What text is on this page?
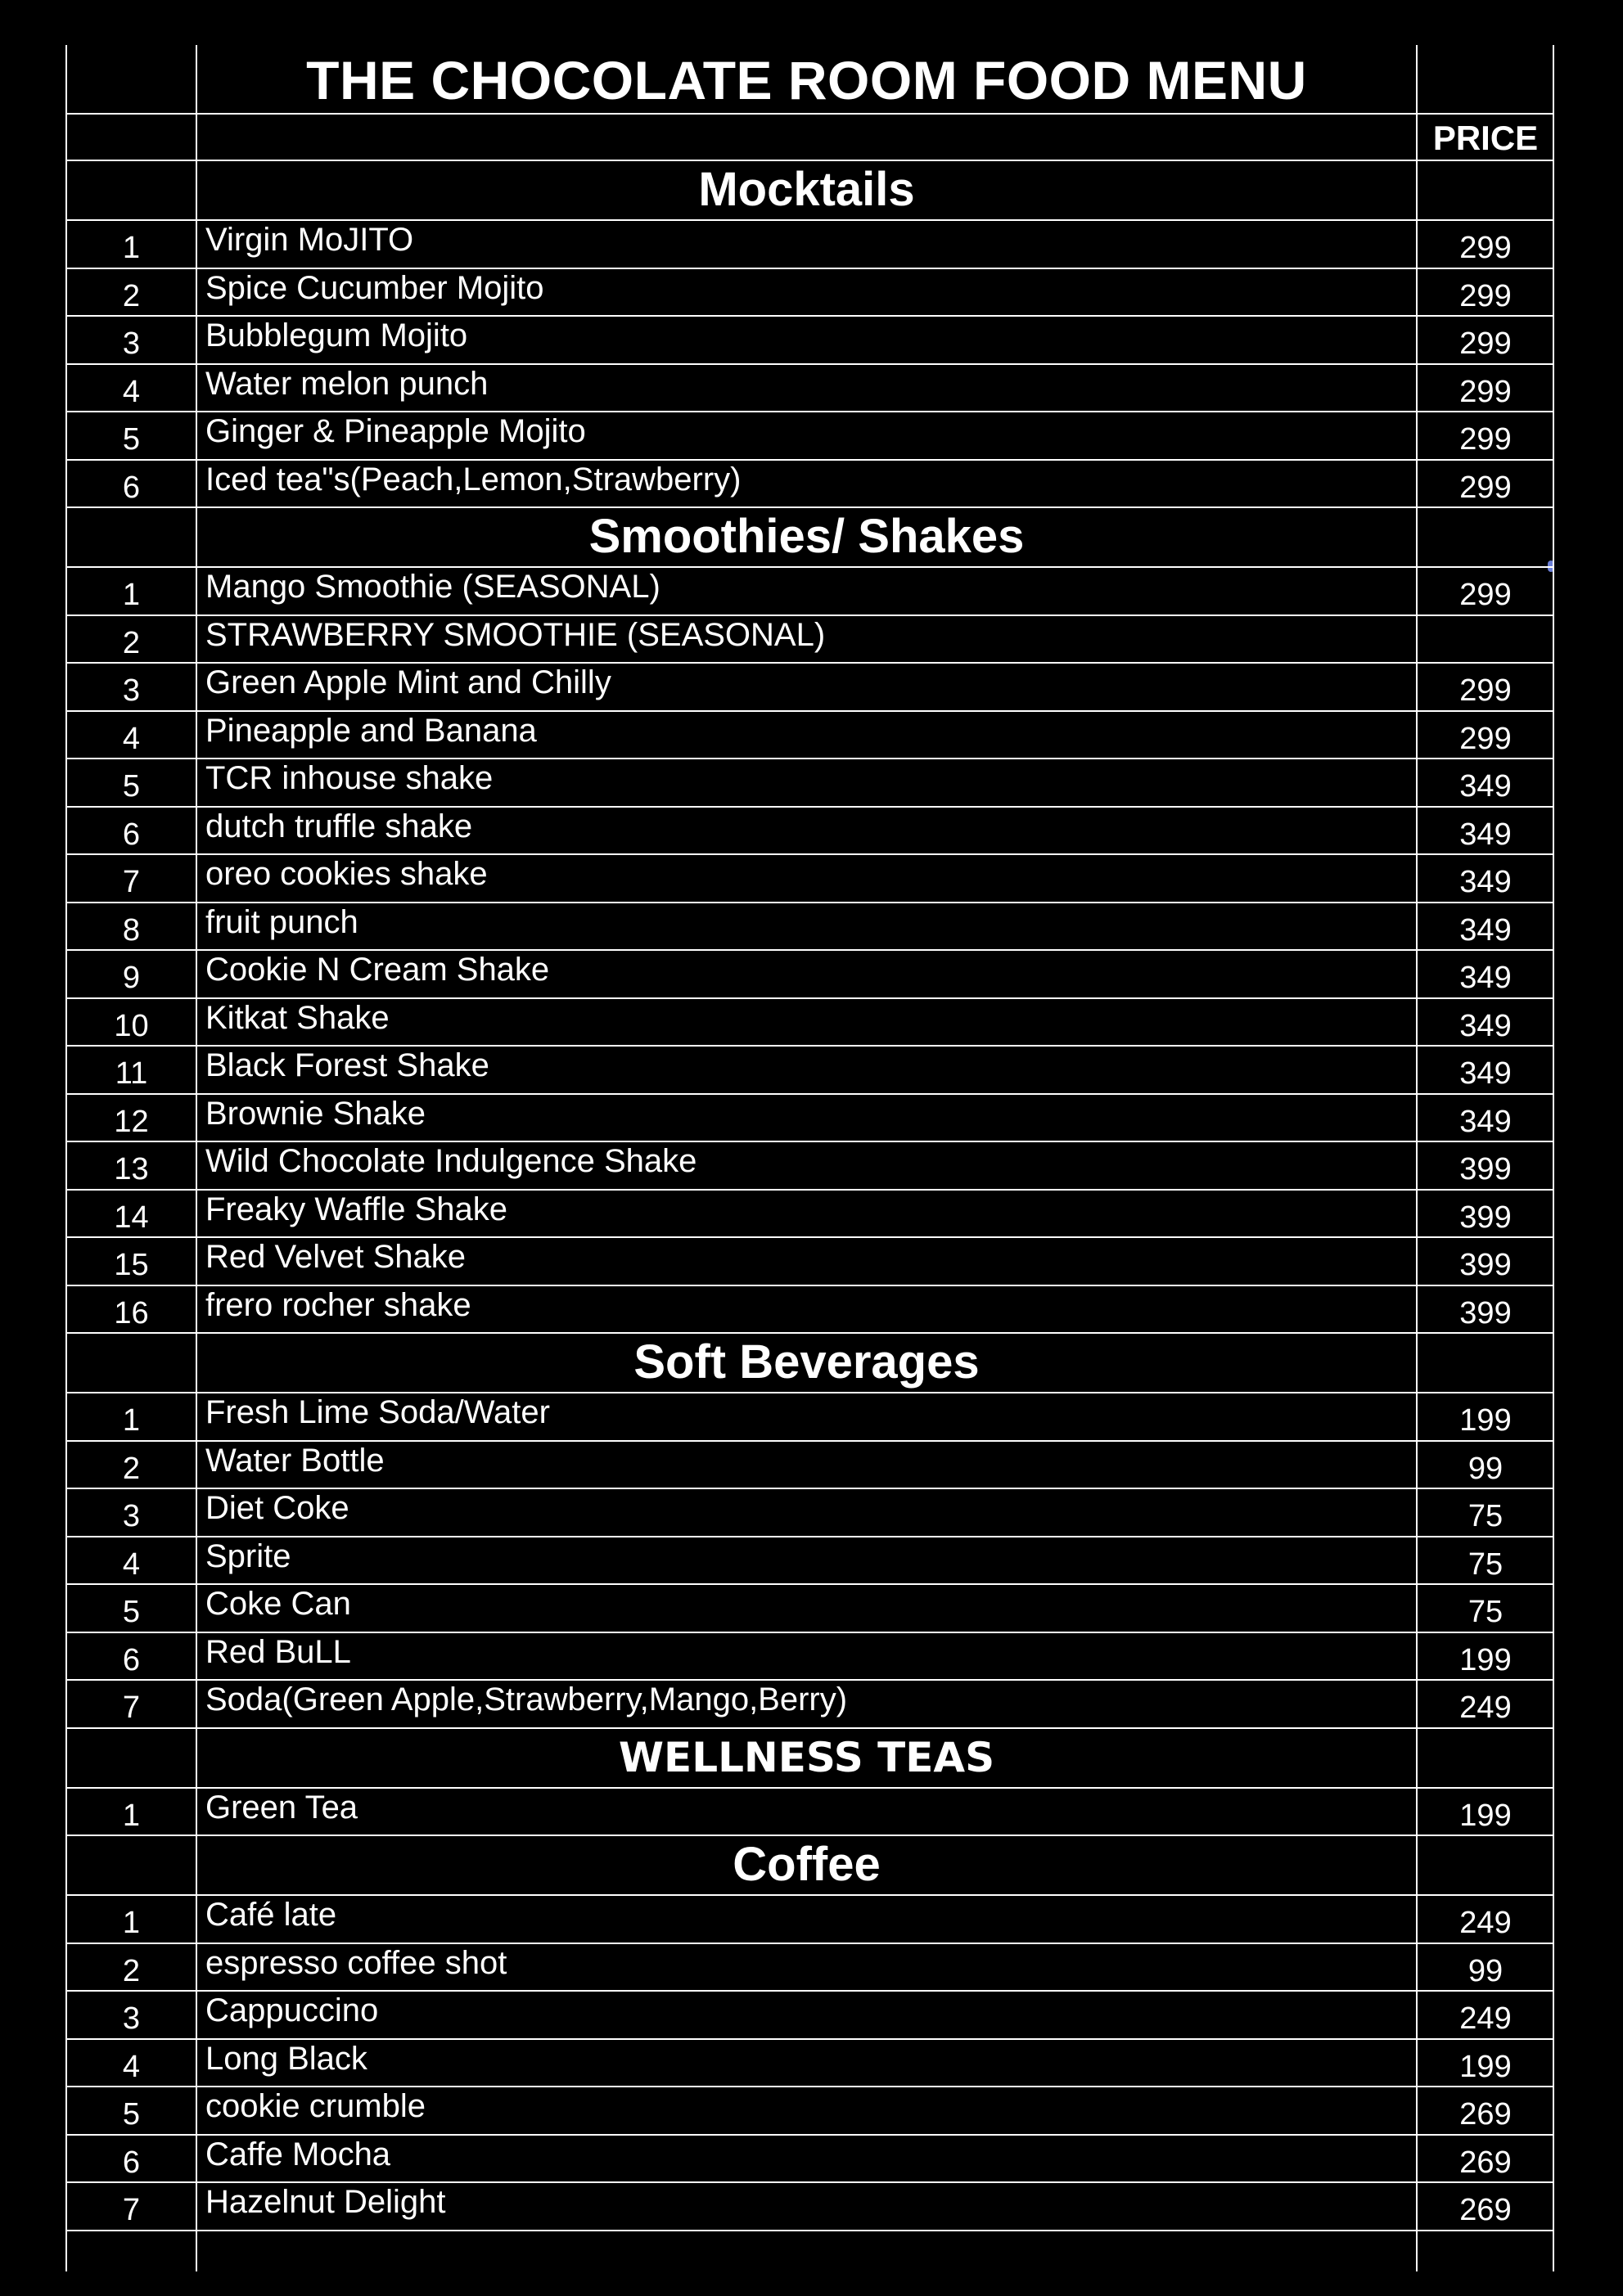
THE CHOCOLATE ROOM FOOD MENU
PRICE
Mocktails
1	Virgin MoJITO	299
2	Spice Cucumber Mojito	299
3	Bubblegum Mojito	299
4	Water melon punch	299
5	Ginger & Pineapple Mojito	299
6	Iced tea"s(Peach,Lemon,Strawberry)	299
Smoothies/ Shakes
1	Mango Smoothie (SEASONAL)	299
2	STRAWBERRY SMOOTHIE (SEASONAL)
3	Green Apple Mint and Chilly	299
4	Pineapple and Banana	299
5	TCR inhouse shake	349
6	dutch truffle shake	349
7	oreo cookies shake	349
8	fruit punch	349
9	Cookie N Cream Shake	349
10	Kitkat Shake	349
11	Black Forest Shake	349
12	Brownie Shake	349
13	Wild Chocolate Indulgence Shake	399
14	Freaky Waffle Shake	399
15	Red Velvet Shake	399
16	frero rocher shake	399
Soft Beverages
1	Fresh Lime Soda/Water	199
2	Water Bottle	99
3	Diet Coke	75
4	Sprite	75
5	Coke Can	75
6	Red BuLL	199
7	Soda(Green Apple,Strawberry,Mango,Berry)	249
WELLNESS TEAS
1	Green Tea	199
Coffee
1	Café late	249
2	espresso coffee shot	99
3	Cappuccino	249
4	Long Black	199
5	cookie crumble	269
6	Caffe Mocha	269
7	Hazelnut Delight	269
